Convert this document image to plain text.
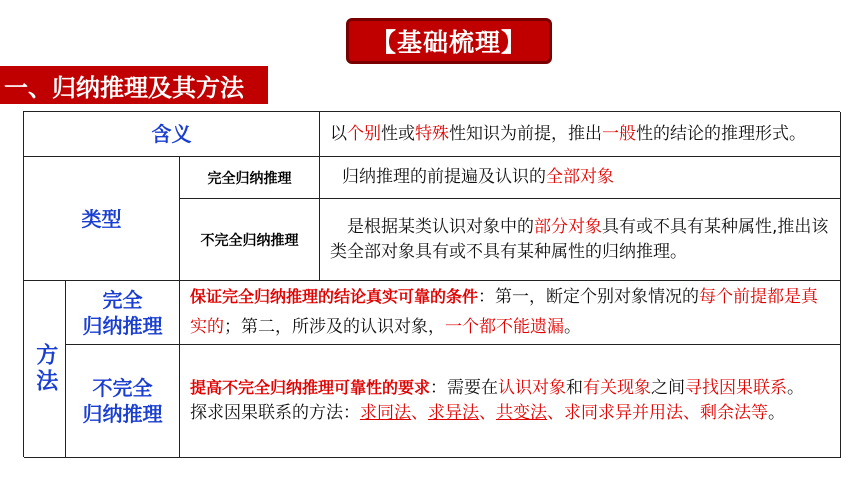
【基础梳理】
一、归纳推理及其方法
含义	以个别性或特殊性知识为前提，推出一般性的结论的推理形式。
类型
完全归纳推理	归纳推理的前提遍及认识的全部对象
不完全归纳推理
是根据某类认识对象中的部分对象具有或不具有某种属性,推出该类全部对象具有或不具有某种属性的归纳推理。
方法
完全
归纳推理
保证完全归纳推理的结论真实可靠的条件：第一，断定个别对象情况的每个前提都是真实的；第二，所涉及的认识对象，一个都不能遗漏。
不完全
归纳推理
提高不完全归纳推理可靠性的要求：需要在认识对象和有关现象之间寻找因果联系。
探求因果联系的方法：求同法、求异法、共变法、求同求异并用法、剩余法等。
